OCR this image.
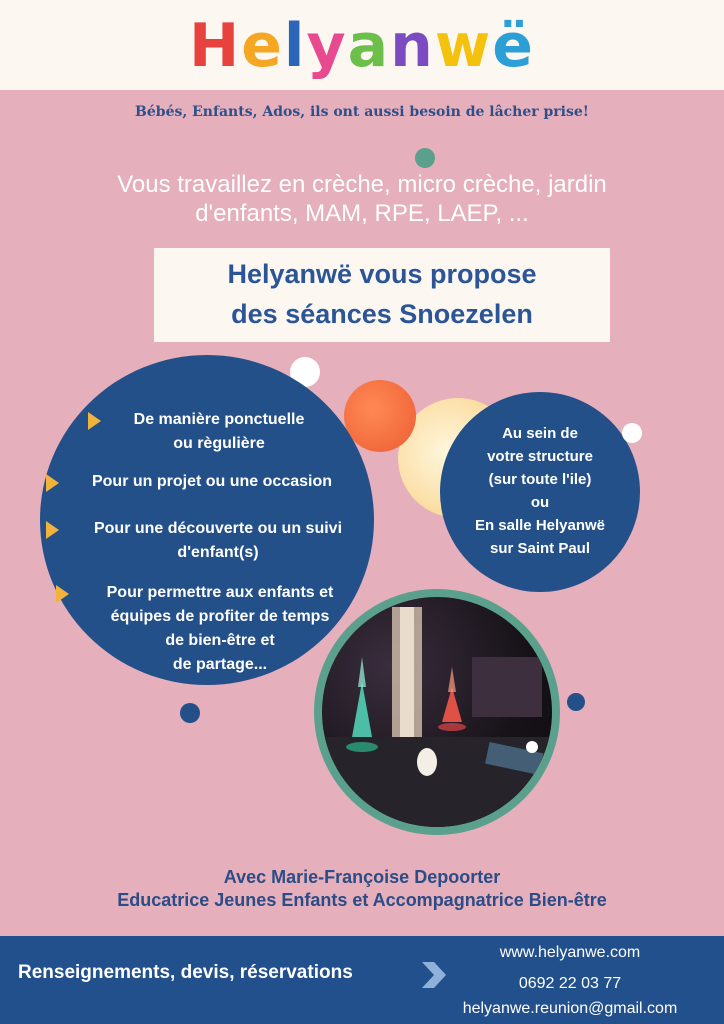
Helyanwë
Bébés, Enfants, Ados, ils ont aussi besoin de lâcher prise!
Vous travaillez en crèche, micro crèche, jardin
d'enfants, MAM, RPE, LAEP, ...
Helyanwë vous propose
des séances Snoezelen
De manière ponctuelle
ou règulière
Pour un projet ou une occasion
Pour une découverte ou un suivi
d'enfant(s)
Pour permettre aux enfants et
équipes de profiter de temps
de bien-être et
de partage...
Au sein de
votre structure
(sur toute l'ile)
ou
En salle Helyanwë
sur Saint Paul
Avec Marie-Françoise Depoorter
Educatrice Jeunes Enfants et Accompagnatrice Bien-être
Renseignements, devis, réservations
www.helyanwe.com
0692 22 03 77
helyanwe.reunion@gmail.com
